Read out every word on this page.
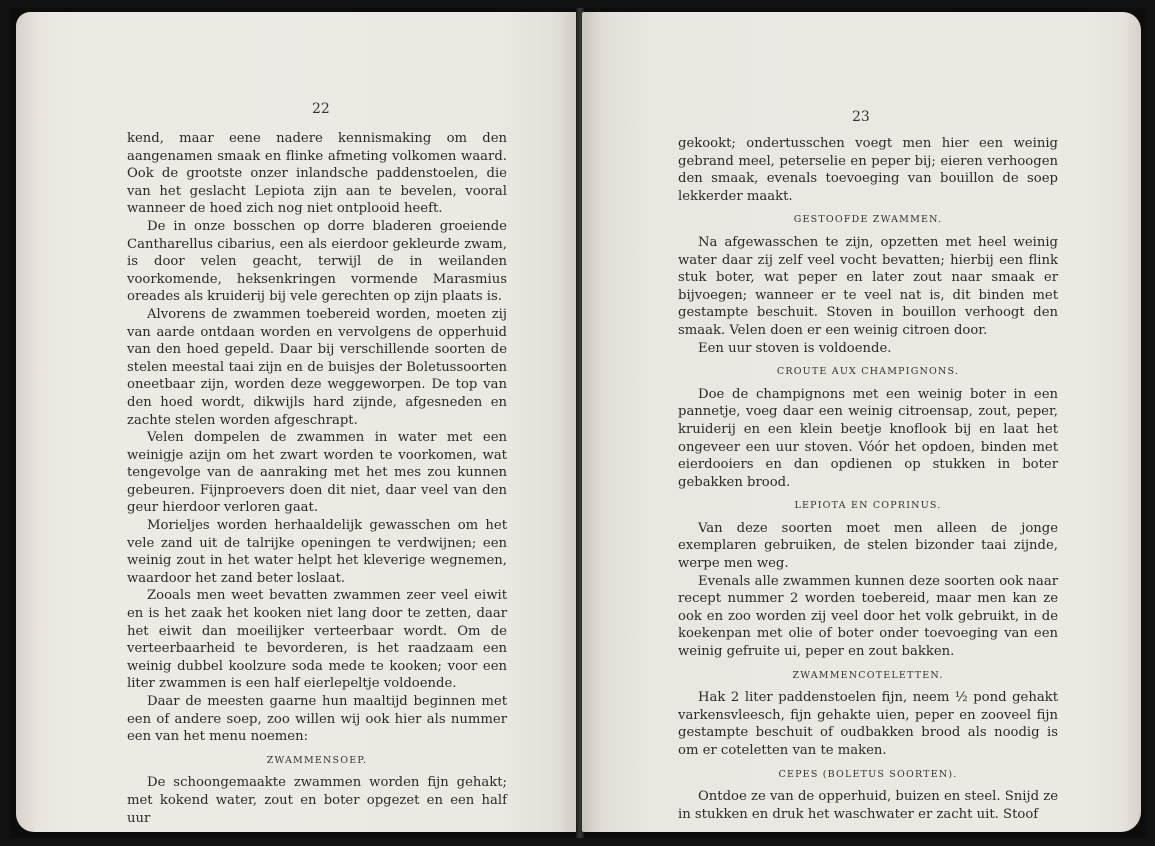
22

kend, maar eene nadere kennismaking om den aangenamen smaak en flinke afmeting volkomen waard. Ook de grootste onzer inlandsche paddenstoelen, die van het geslacht Lepiota zijn aan te bevelen, vooral wanneer de hoed zich nog niet ontplooid heeft.

De in onze bosschen op dorre bladeren groeiende Cantharellus cibarius, een als eierdoor gekleurde zwam, is door velen geacht, terwijl de in weilanden voorkomende, heksenkringen vormende Marasmius oreades als kruiderij bij vele gerechten op zijn plaats is.

Alvorens de zwammen toebereid worden, moeten zij van aarde ontdaan worden en vervolgens de opperhuid van den hoed gepeld. Daar bij verschillende soorten de stelen meestal taai zijn en de buisjes der Boletussoorten oneetbaar zijn, worden deze weggeworpen. De top van den hoed wordt, dikwijls hard zijnde, afgesneden en zachte stelen worden afgeschrapt.

Velen dompelen de zwammen in water met een weinigje azijn om het zwart worden te voorkomen, wat tengevolge van de aanraking met het mes zou kunnen gebeuren. Fijnproevers doen dit niet, daar veel van den geur hierdoor verloren gaat.

Morieljes worden herhaaldelijk gewasschen om het vele zand uit de talrijke openingen te verdwijnen; een weinig zout in het water helpt het kleverige wegnemen, waardoor het zand beter loslaat.

Zooals men weet bevatten zwammen zeer veel eiwit en is het zaak het kooken niet lang door te zetten, daar het eiwit dan moeilijker verteerbaar wordt. Om de verteerbaarheid te bevorderen, is het raadzaam een weinig dubbel koolzure soda mede te kooken; voor een liter zwammen is een half eierlepeltje voldoende.

Daar de meesten gaarne hun maaltijd beginnen met een of andere soep, zoo willen wij ook hier als nummer een van het menu noemen:

ZWAMMENSOEP.

De schoongemaakte zwammen worden fijn gehakt; met kokend water, zout en boter opgezet en een half uur

23

gekookt; ondertusschen voegt men hier een weinig gebrand meel, peterselie en peper bij; eieren verhoogen den smaak, evenals toevoeging van bouillon de soep lekkerder maakt.

GESTOOFDE ZWAMMEN.

Na afgewasschen te zijn, opzetten met heel weinig water daar zij zelf veel vocht bevatten; hierbij een flink stuk boter, wat peper en later zout naar smaak er bijvoegen; wanneer er te veel nat is, dit binden met gestampte beschuit. Stoven in bouillon verhoogt den smaak. Velen doen er een weinig citroen door.

Een uur stoven is voldoende.

CROUTE AUX CHAMPIGNONS.

Doe de champignons met een weinig boter in een pannetje, voeg daar een weinig citroensap, zout, peper, kruiderij en een klein beetje knoflook bij en laat het ongeveer een uur stoven. Vóór het opdoen, binden met eierdooiers en dan opdienen op stukken in boter gebakken brood.

LEPIOTA EN COPRINUS.

Van deze soorten moet men alleen de jonge exemplaren gebruiken, de stelen bizonder taai zijnde, werpe men weg.

Evenals alle zwammen kunnen deze soorten ook naar recept nummer 2 worden toebereid, maar men kan ze ook en zoo worden zij veel door het volk gebruikt, in de koekenpan met olie of boter onder toevoeging van een weinig gefruite ui, peper en zout bakken.

ZWAMMENCOTELETTEN.

Hak 2 liter paddenstoelen fijn, neem ½ pond gehakt varkensvleesch, fijn gehakte uien, peper en zooveel fijn gestampte beschuit of oudbakken brood als noodig is om er coteletten van te maken.

CEPES (BOLETUS SOORTEN).

Ontdoe ze van de opperhuid, buizen en steel. Snijd ze in stukken en druk het waschwater er zacht uit. Stoof
